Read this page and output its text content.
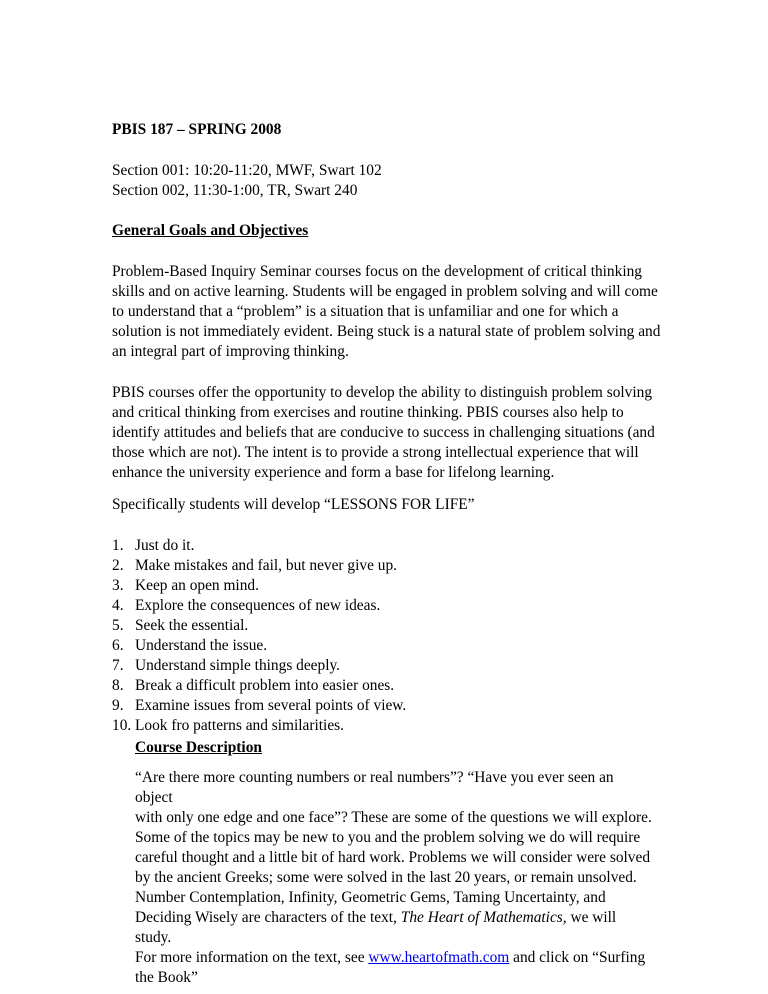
PBIS 187 – SPRING 2008

Section 001: 10:20-11:20, MWF, Swart 102

Section 002, 11:30-1:00, TR, Swart 240

General Goals and Objectives

Problem-Based Inquiry Seminar courses focus on the development of critical thinking
skills and on active learning. Students will be engaged in problem solving and will come
to understand that a “problem” is a situation that is unfamiliar and one for which a
solution is not immediately evident. Being stuck is a natural state of problem solving and
an integral part of improving thinking.

PBIS courses offer the opportunity to develop the ability to distinguish problem solving
and critical thinking from exercises and routine thinking. PBIS courses also help to
identify attitudes and beliefs that are conducive to success in challenging situations (and
those which are not). The intent is to provide a strong intellectual experience that will
enhance the university experience and form a base for lifelong learning.

Specifically students will develop “LESSONS FOR LIFE”

1. Just do it.
2. Make mistakes and fail, but never give up.
3. Keep an open mind.
4. Explore the consequences of new ideas.
5. Seek the essential.
6. Understand the issue.
7. Understand simple things deeply.
8. Break a difficult problem into easier ones.
9. Examine issues from several points of view.
10. Look fro patterns and similarities.

Course Description

“Are there more counting numbers or real numbers”? “Have you ever seen an object
with only one edge and one face”? These are some of the questions we will explore.
Some of the topics may be new to you and the problem solving we do will require
careful thought and a little bit of hard work. Problems we will consider were solved
by the ancient Greeks; some were solved in the last 20 years, or remain unsolved.
Number Contemplation, Infinity, Geometric Gems, Taming Uncertainty, and
Deciding Wisely are characters of the text, The Heart of Mathematics, we will study.
For more information on the text, see www.heartofmath.com and click on “Surfing
the Book”
